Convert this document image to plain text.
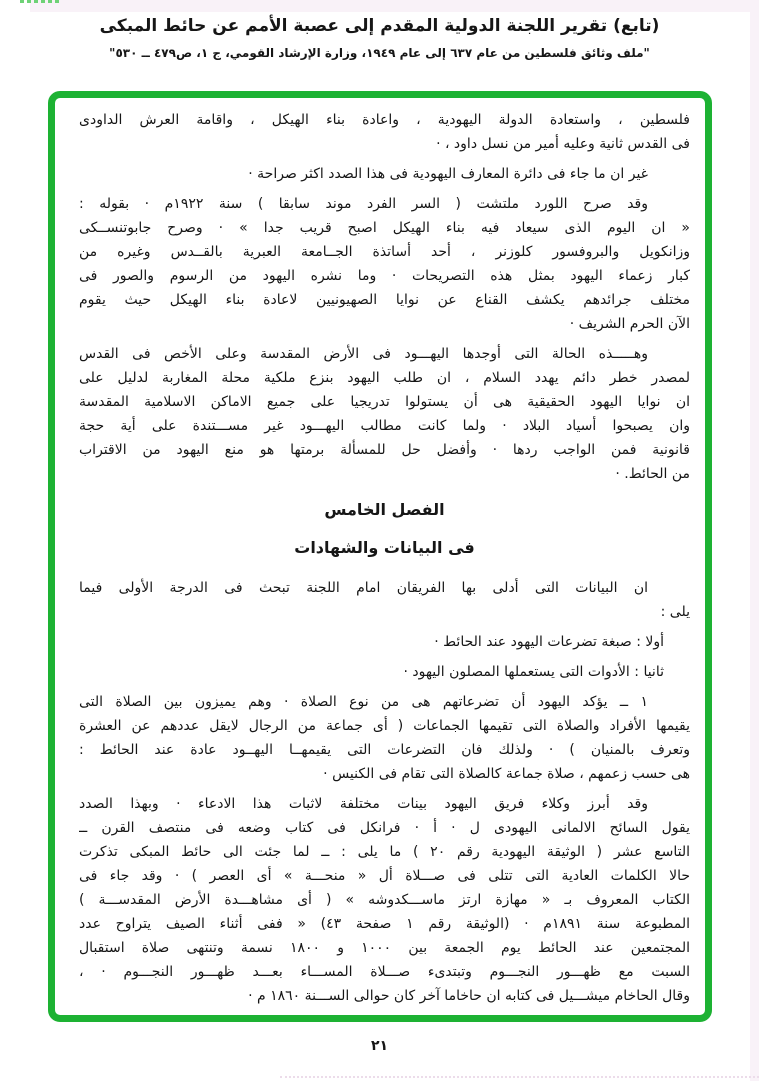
(تابع) تقرير اللجنة الدولية المقدم إلى عصبة الأمم عن حائط المبكى
"ملف وثائق فلسطين من عام ٦٣٧ إلى عام ١٩٤٩، وزارة الإرشاد القومي، ج ١، ص٤٧٩ ــ ٥٣٠"
فلسطين ، واستعادة الدولة اليهودية ، واعادة بناء الهيكل ، واقامة العرش الداودى
فى القدس ثانية وعليه أمير من نسل داود ، ·
غير ان ما جاء فى دائرة المعارف اليهودية فى هذا الصدد اكثر صراحة ·
وقد صرح اللورد ملتشت ( السر الفرد موند سابقا ) سنة ١٩٢٢م · بقوله :
« ان اليوم الذى سيعاد فيه بناء الهيكل اصبح قريب جدا » · وصرح جابوتنســكى
وزانكويل والبروفسور كلوزنر ، أحد أساتذة الجــامعة العبرية بالقــدس وغيره من
كبار زعماء اليهود بمثل هذه التصريحات · وما نشره اليهود من الرسوم والصور فى
مختلف جرائدهم يكشف القناع عن نوايا الصهيونيين لاعادة بناء الهيكل حيث يقوم
الآن الحرم الشريف ·
وهـــــذه الحالة التى أوجدها اليهـــود فى الأرض المقدسة وعلى الأخص فى القدس
لمصدر خطر دائم يهدد السلام ، ان طلب اليهود بنزع ملكية محلة المغاربة لدليل على
ان نوايا اليهود الحقيقية هى أن يستولوا تدريجيا على جميع الاماكن الاسلامية المقدسة
وان يصبحوا أسياد البلاد · ولما كانت مطالب اليهـــود غير مســـتندة على أية حجة
قانونية فمن الواجب ردها · وأفضل حل للمسألة برمتها هو منع اليهود من الاقتراب
من الحائط. ·
الفصل الخامس
فى البيانات والشهادات
ان البيانات التى أدلى بها الفريقان امام اللجنة تبحث فى الدرجة الأولى فيما
يلى :
أولا : صبغة تضرعات اليهود عند الحائط ·
ثانيا : الأدوات التى يستعملها المصلون اليهود ·
١ ــ يؤكد اليهود أن تضرعاتهم هى من نوع الصلاة · وهم يميزون بين الصلاة التى
يقيمها الأفراد والصلاة التى تقيمها الجماعات ( أى جماعة من الرجال لايقل عددهم عن العشرة
وتعرف بالمنيان ) · ولذلك فان التضرعات التى يقيمهــا اليهــود عادة عند الحائط :
هى حسب زعمهم ، صلاة جماعة كالصلاة التى تقام فى الكنيس ·
وقد أبرز وكلاء فريق اليهود بينات مختلفة لاثبات هذا الادعاء · وبهذا الصدد
يقول السائح الالمانى اليهودى ل · أ · فرانكل فى كتاب وضعه فى منتصف القرن ــ
التاسع عشر ( الوثيقة اليهودية رقم ٢٠ ) ما يلى : ــ لما جئت الى حائط المبكى تذكرت
حالا الكلمات العادية التى تتلى فى صـــلاة أل « منحـــة » أى العصر ) · وقد جاء فى
الكتاب المعروف بـ « مهازة ارتز ماســـكدوشه » ( أى مشاهـــدة الأرض المقدســـة )
المطبوعة سنة ١٨٩١م · (الوثيقة رقم ١ صفحة ٤٣) « ففى أثناء الصيف يتراوح عدد
المجتمعين عند الحائط يوم الجمعة بين ١٠٠٠ و ١٨٠٠ نسمة وتنتهى صلاة استقبال
السبت مع ظهـــور النجـــوم وتبتدىء صـــلاة المســـاء بعـــد ظهـــور النجـــوم · ،
وقال الحاخام ميشـــيل فى كتابه ان حاخاما آخر كان حوالى الســـنة ١٨٦٠ م ·
٢١
